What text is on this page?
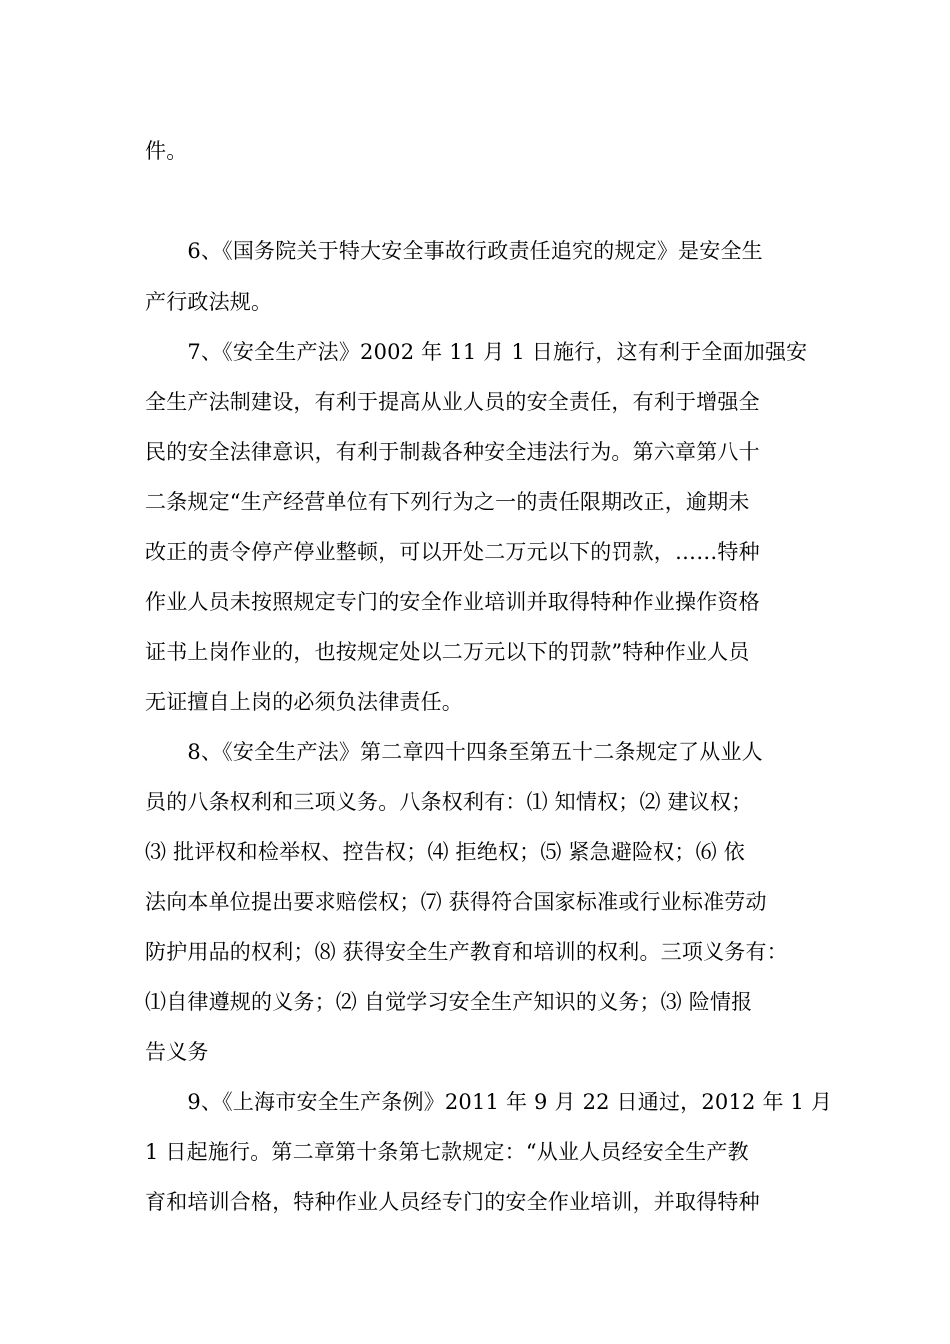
件。
　　6、《国务院关于特大安全事故行政责任追究的规定》是安全生
产行政法规。
　　7、《安全生产法》2002 年 11 月 1 日施行，这有利于全面加强安
全生产法制建设，有利于提高从业人员的安全责任，有利于增强全
民的安全法律意识，有利于制裁各种安全违法行为。第六章第八十
二条规定“生产经营单位有下列行为之一的责任限期改正，逾期未
改正的责令停产停业整顿，可以开处二万元以下的罚款，……特种
作业人员未按照规定专门的安全作业培训并取得特种作业操作资格
证书上岗作业的，也按规定处以二万元以下的罚款”特种作业人员
无证擅自上岗的必须负法律责任。
　　8、《安全生产法》第二章四十四条至第五十二条规定了从业人
员的八条权利和三项义务。八条权利有：⑴ 知情权；⑵ 建议权；
⑶ 批评权和检举权、控告权；⑷ 拒绝权；⑸ 紧急避险权；⑹ 依
法向本单位提出要求赔偿权；⑺ 获得符合国家标准或行业标准劳动
防护用品的权利；⑻ 获得安全生产教育和培训的权利。三项义务有：
⑴自律遵规的义务；⑵ 自觉学习安全生产知识的义务；⑶ 险情报
告义务
　　9、《上海市安全生产条例》2011 年 9 月 22 日通过，2012 年 1 月
1 日起施行。第二章第十条第七款规定：“从业人员经安全生产教
育和培训合格，特种作业人员经专门的安全作业培训，并取得特种
